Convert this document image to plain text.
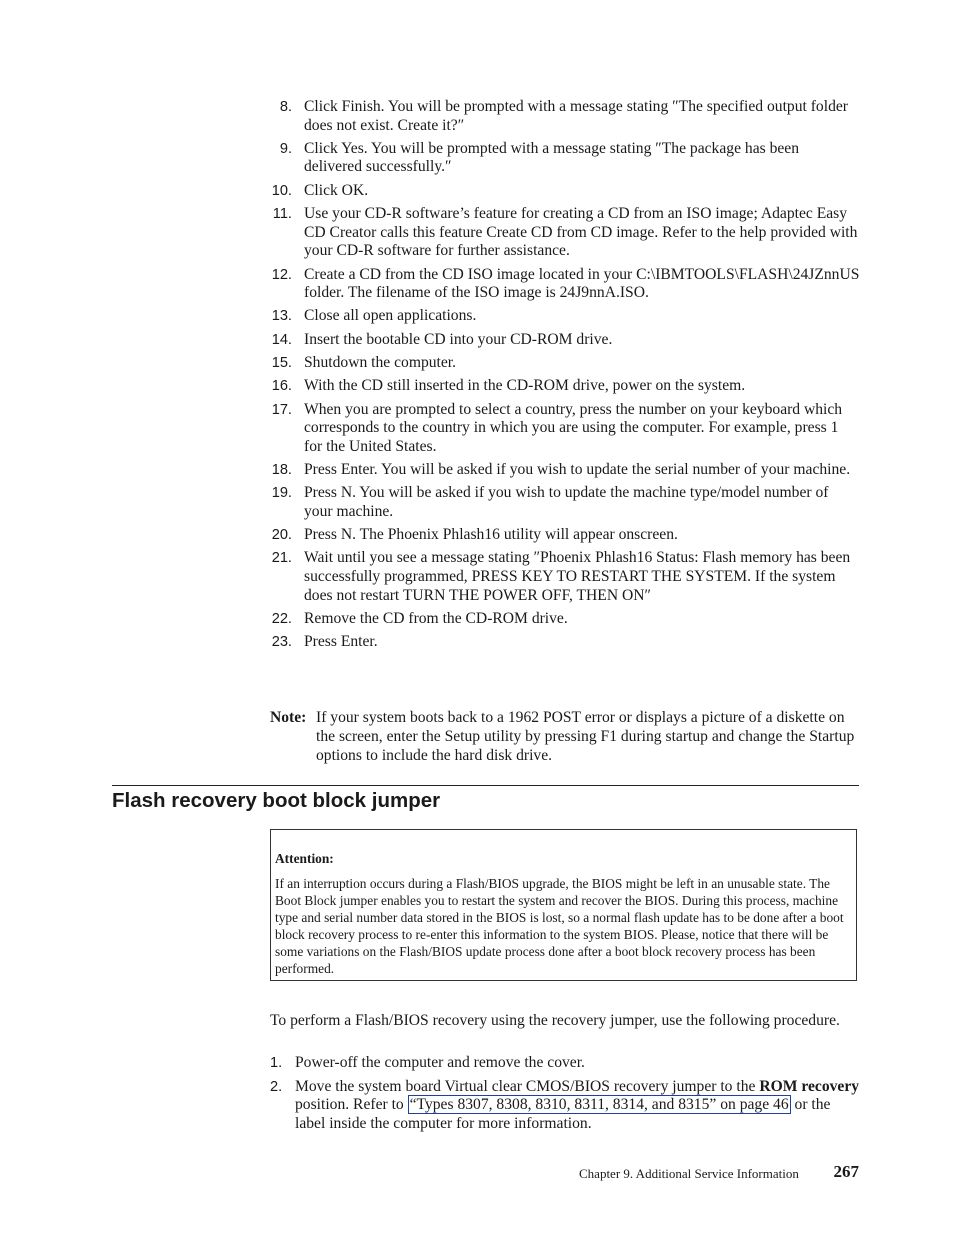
8. Click Finish. You will be prompted with a message stating ″The specified output folder does not exist. Create it?″
9. Click Yes. You will be prompted with a message stating ″The package has been delivered successfully.″
10. Click OK.
11. Use your CD-R software’s feature for creating a CD from an ISO image; Adaptec Easy CD Creator calls this feature Create CD from CD image. Refer to the help provided with your CD-R software for further assistance.
12. Create a CD from the CD ISO image located in your C:\IBMTOOLS\FLASH\24JZnnUS folder. The filename of the ISO image is 24J9nnA.ISO.
13. Close all open applications.
14. Insert the bootable CD into your CD-ROM drive.
15. Shutdown the computer.
16. With the CD still inserted in the CD-ROM drive, power on the system.
17. When you are prompted to select a country, press the number on your keyboard which corresponds to the country in which you are using the computer. For example, press 1 for the United States.
18. Press Enter. You will be asked if you wish to update the serial number of your machine.
19. Press N. You will be asked if you wish to update the machine type/model number of your machine.
20. Press N. The Phoenix Phlash16 utility will appear onscreen.
21. Wait until you see a message stating ″Phoenix Phlash16 Status: Flash memory has been successfully programmed, PRESS KEY TO RESTART THE SYSTEM. If the system does not restart TURN THE POWER OFF, THEN ON″
22. Remove the CD from the CD-ROM drive.
23. Press Enter.
Note: If your system boots back to a 1962 POST error or displays a picture of a diskette on the screen, enter the Setup utility by pressing F1 during startup and change the Startup options to include the hard disk drive.
Flash recovery boot block jumper
Attention:
If an interruption occurs during a Flash/BIOS upgrade, the BIOS might be left in an unusable state. The Boot Block jumper enables you to restart the system and recover the BIOS. During this process, machine type and serial number data stored in the BIOS is lost, so a normal flash update has to be done after a boot block recovery process to re-enter this information to the system BIOS. Please, notice that there will be some variations on the Flash/BIOS update process done after a boot block recovery process has been performed.

To perform a Flash/BIOS recovery using the recovery jumper, use the following procedure.

1. Power-off the computer and remove the cover.
2. Move the system board Virtual clear CMOS/BIOS recovery jumper to the ROM recovery position. Refer to “Types 8307, 8308, 8310, 8311, 8314, and 8315” on page 46 or the label inside the computer for more information.
Chapter 9. Additional Service Information 267
